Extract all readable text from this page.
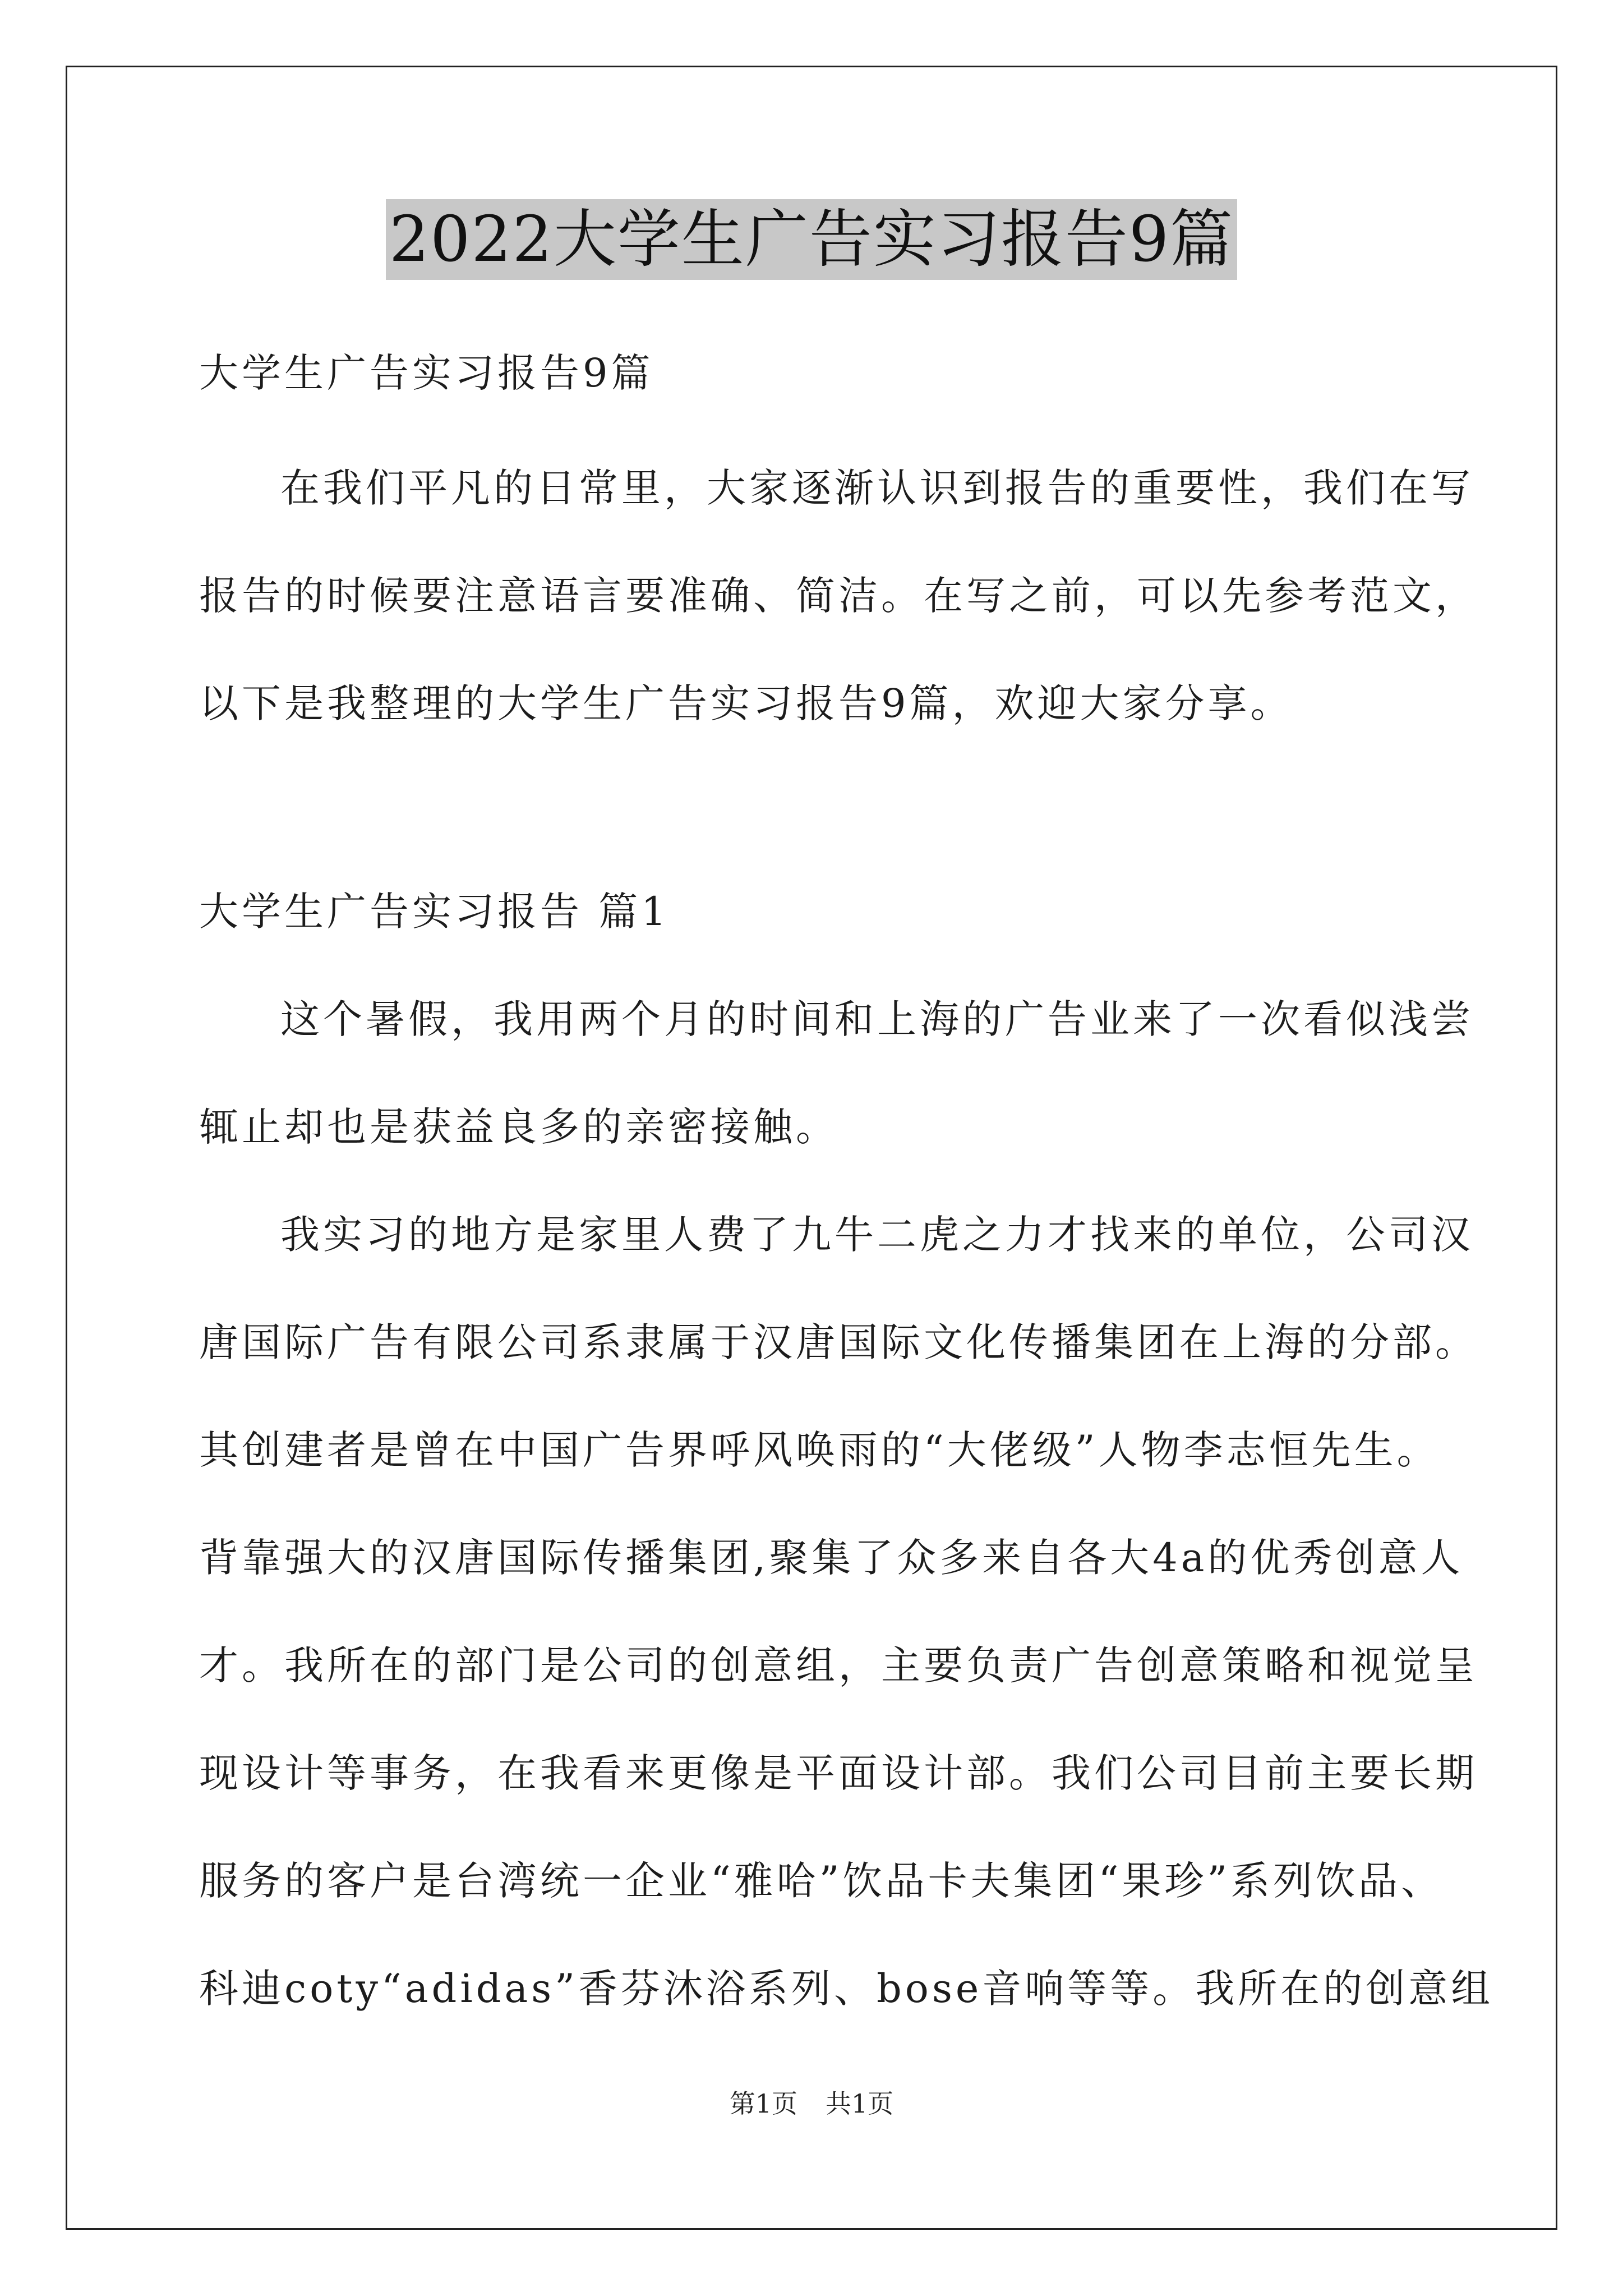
2022大学生广告实习报告9篇
大学生广告实习报告9篇
在我们平凡的日常里，大家逐渐认识到报告的重要性，我们在写
报告的时候要注意语言要准确、简洁。在写之前，可以先参考范文，
以下是我整理的大学生广告实习报告9篇，欢迎大家分享。
大学生广告实习报告 篇1
这个暑假，我用两个月的时间和上海的广告业来了一次看似浅尝
辄止却也是获益良多的亲密接触。
我实习的地方是家里人费了九牛二虎之力才找来的单位，公司汉
唐国际广告有限公司系隶属于汉唐国际文化传播集团在上海的分部。
其创建者是曾在中国广告界呼风唤雨的“大佬级”人物李志恒先生。
背靠强大的汉唐国际传播集团,聚集了众多来自各大4a的优秀创意人
才。我所在的部门是公司的创意组，主要负责广告创意策略和视觉呈
现设计等事务，在我看来更像是平面设计部。我们公司目前主要长期
服务的客户是台湾统一企业“雅哈”饮品卡夫集团“果珍”系列饮品、
科迪coty“adidas”香芬沐浴系列、bose音响等等。我所在的创意组
第1页 共1页
